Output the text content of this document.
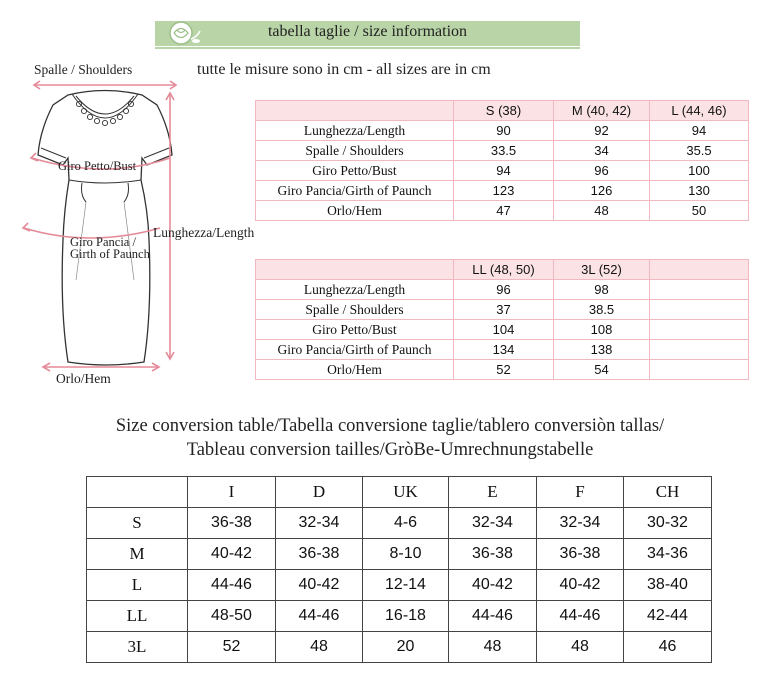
tabella taglie / size information
tutte le misure sono in cm - all sizes are in cm
Spalle / Shoulders
Giro Petto/Bust
Giro Pancia /
Girth of Paunch
Lunghezza/Length
Orlo/Hem
	S (38)	M (40, 42)	L (44, 46)
Lunghezza/Length	90	92	94
Spalle / Shoulders	33.5	34	35.5
Giro Petto/Bust	94	96	100
Giro Pancia/Girth of Paunch	123	126	130
Orlo/Hem	47	48	50
	LL (48, 50)	3L (52)	
Lunghezza/Length	96	98	
Spalle / Shoulders	37	38.5	
Giro Petto/Bust	104	108	
Giro Pancia/Girth of Paunch	134	138	
Orlo/Hem	52	54	
Size conversion table/Tabella conversione taglie/tablero conversiòn tallas/
Tableau conversion tailles/GròBe-Umrechnungstabelle
	I	D	UK	E	F	CH
S	36-38	32-34	4-6	32-34	32-34	30-32
M	40-42	36-38	8-10	36-38	36-38	34-36
L	44-46	40-42	12-14	40-42	40-42	38-40
LL	48-50	44-46	16-18	44-46	44-46	42-44
3L	52	48	20	48	48	46
